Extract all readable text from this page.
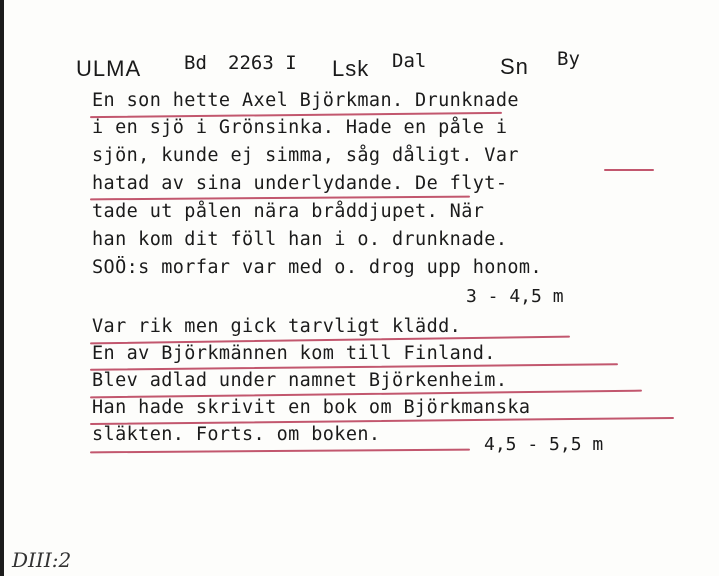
ULMA Bd 2263 I Lsk Dal	Sn By
En son hette Axel Björkman. Drunknade
i en sjö i Grönsinka. Hade en påle i
sjön, kunde ej simma, såg dåligt. Var
hatad av sina underlydande. De flyt-
tade ut pålen nära bråddjupet. När
han kom dit föll han i o. drunknade.
SOÖ:s morfar var med o. drog upp honom.
3 - 4,5 m
Var rik men gick tarvligt klädd.
En av Björkmännen kom till Finland.
Blev adlad under namnet Björkenheim.
Han hade skrivit en bok om Björkmanska
släkten. Forts. om boken.	4,5 - 5,5 m
DIII:2
